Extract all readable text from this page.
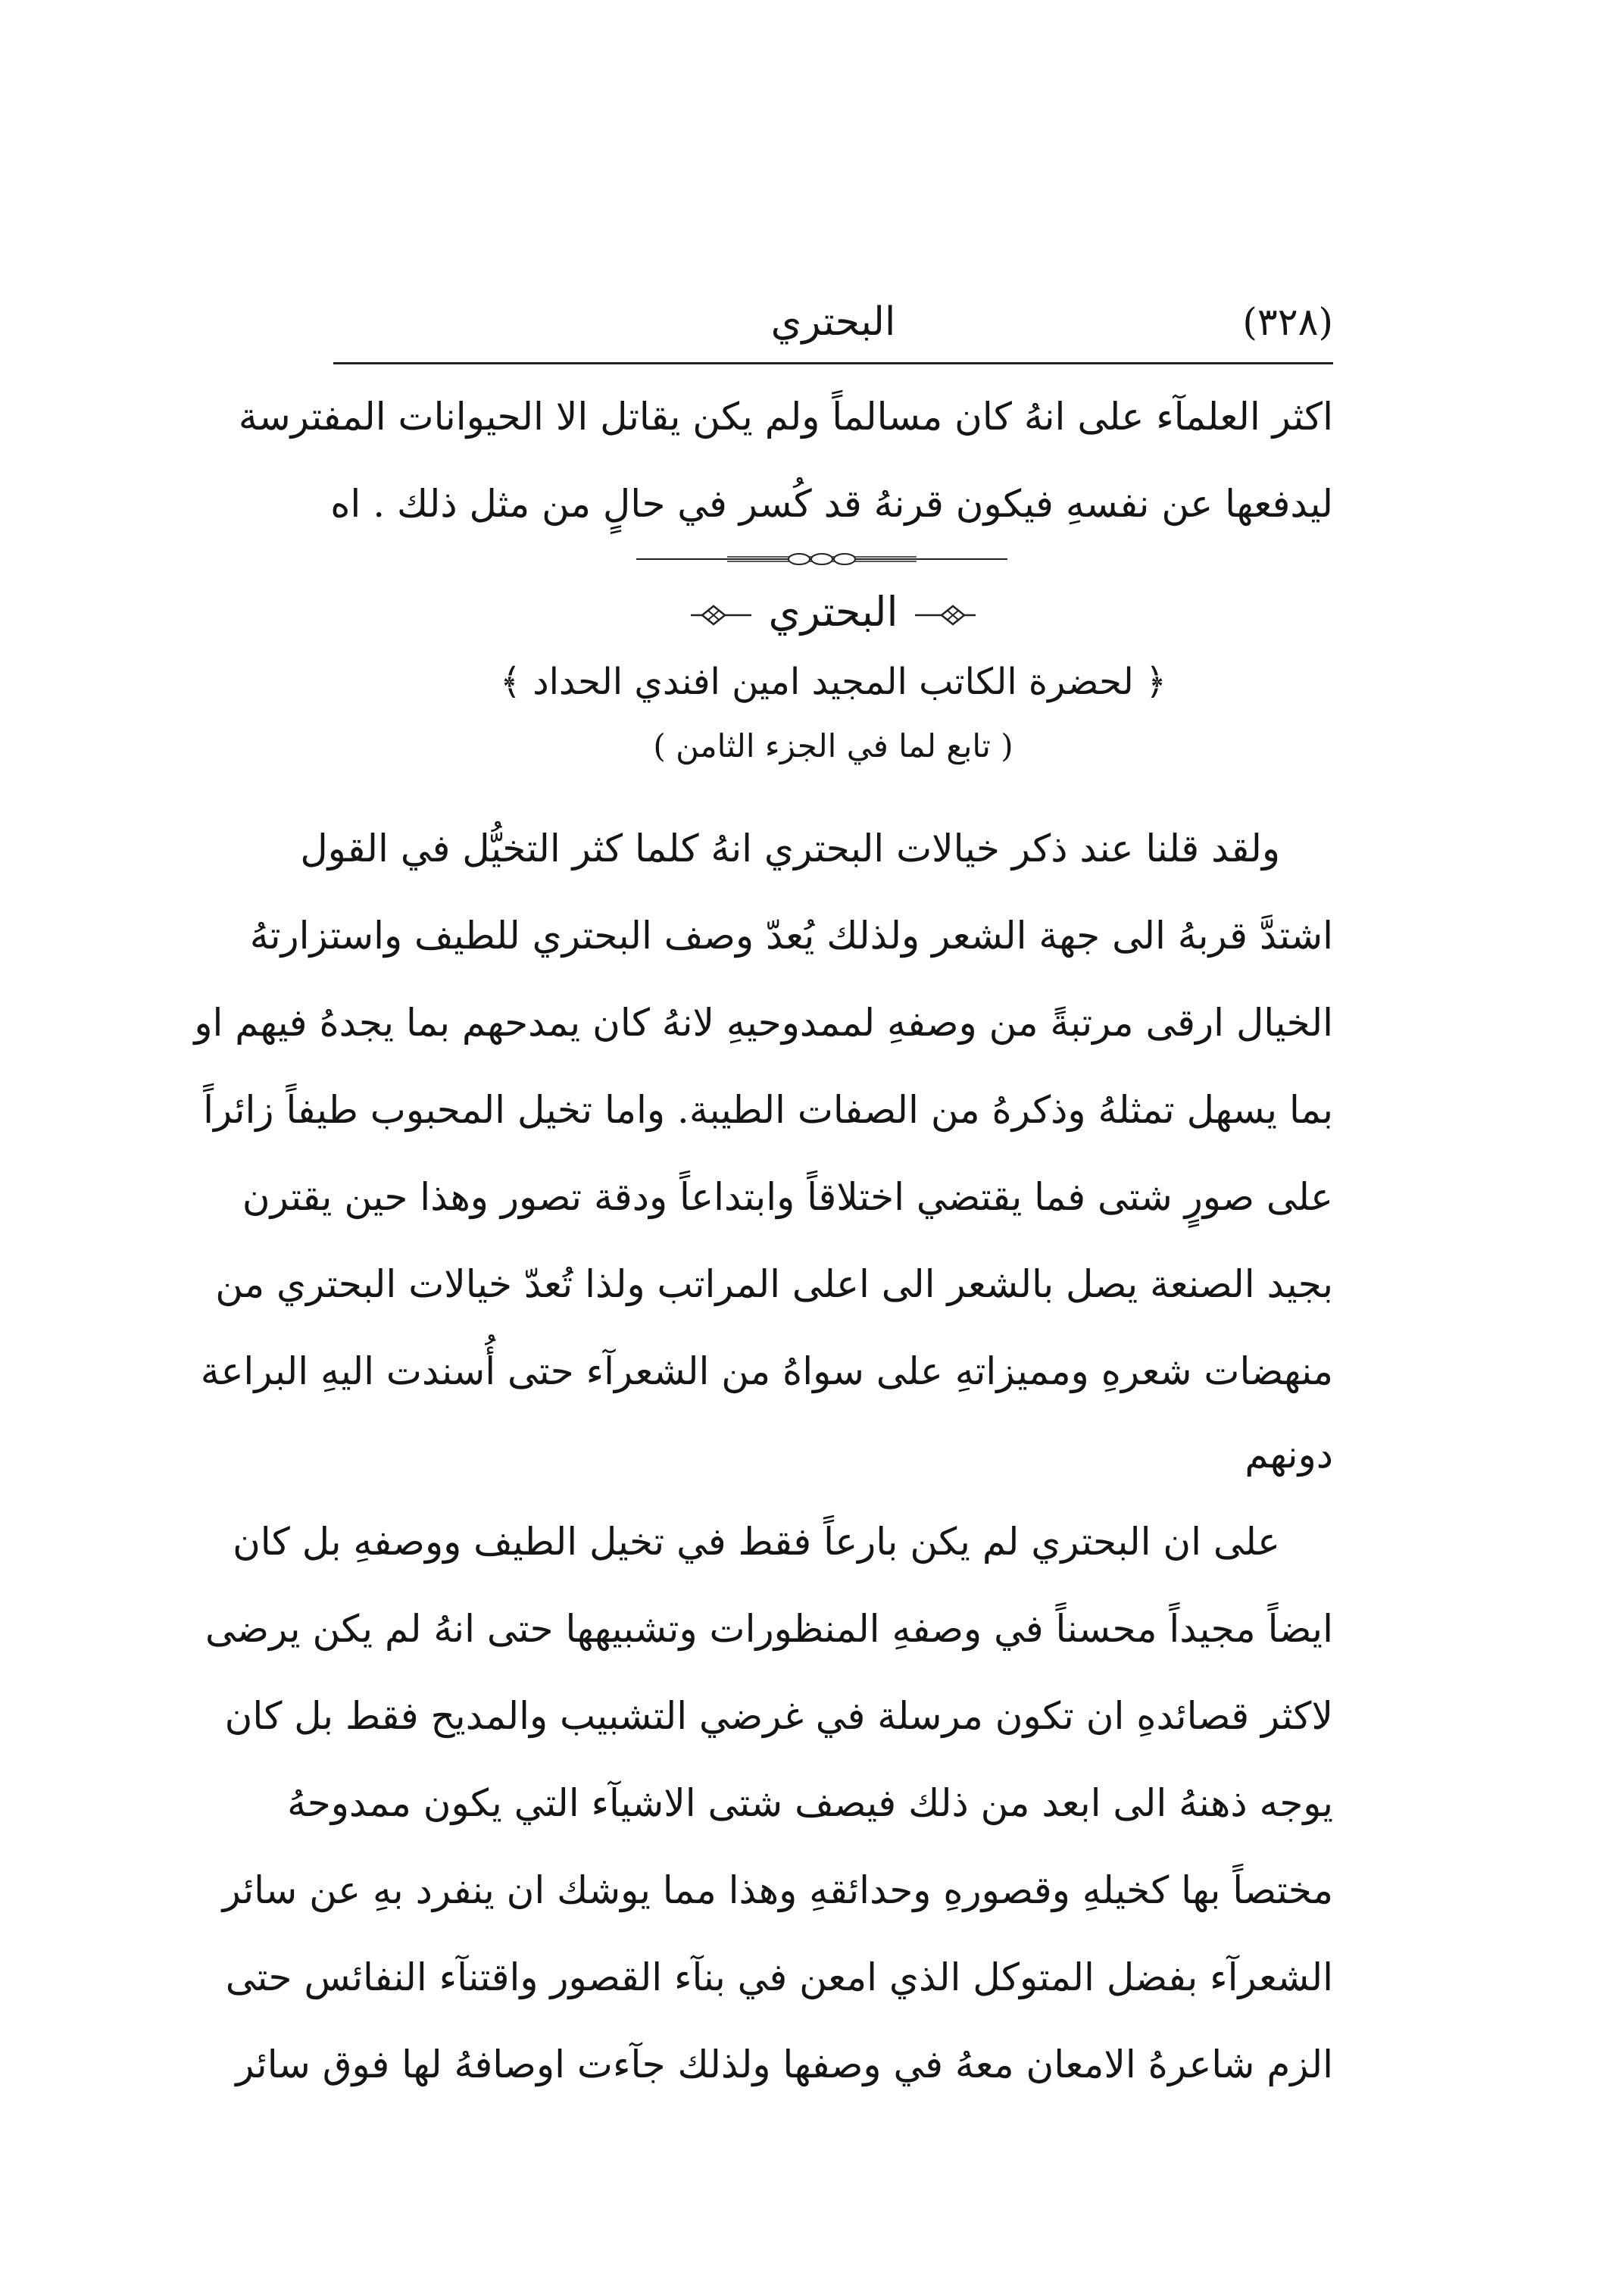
(٣٢٨)
البحتري
اكثر العلمآء على انهُ كان مسالماً ولم يكن يقاتل الا الحيوانات المفترسة
ليدفعها عن نفسهِ فيكون قرنهُ قد كُسر في حالٍ من مثل ذلك . اه
البحتري
﴿ لحضرة الكاتب المجيد امين افندي الحداد ﴾
( تابع لما في الجزء الثامن )
ولقد قلنا عند ذكر خيالات البحتري انهُ كلما كثر التخيُّل في القول
اشتدَّ قربهُ الى جهة الشعر ولذلك يُعدّ وصف البحتري للطيف واستزارتهُ
الخيال ارقى مرتبةً من وصفهِ لممدوحيهِ لانهُ كان يمدحهم بما يجدهُ فيهم او
بما يسهل تمثلهُ وذكرهُ من الصفات الطيبة. واما تخيل المحبوب طيفاً زائراً
على صورٍ شتى فما يقتضي اختلاقاً وابتداعاً ودقة تصور وهذا حين يقترن
بجيد الصنعة يصل بالشعر الى اعلى المراتب ولذا تُعدّ خيالات البحتري من
منهضات شعرهِ ومميزاتهِ على سواهُ من الشعرآء حتى أُسندت اليهِ البراعة
دونهم
على ان البحتري لم يكن بارعاً فقط في تخيل الطيف ووصفهِ بل كان
ايضاً مجيداً محسناً في وصفهِ المنظورات وتشبيهها حتى انهُ لم يكن يرضى
لاكثر قصائدهِ ان تكون مرسلة في غرضي التشبيب والمديح فقط بل كان
يوجه ذهنهُ الى ابعد من ذلك فيصف شتى الاشيآء التي يكون ممدوحهُ
مختصاً بها كخيلهِ وقصورهِ وحدائقهِ وهذا مما يوشك ان ينفرد بهِ عن سائر
الشعرآء بفضل المتوكل الذي امعن في بنآء القصور واقتنآء النفائس حتى
الزم شاعرهُ الامعان معهُ في وصفها ولذلك جآءت اوصافهُ لها فوق سائر
